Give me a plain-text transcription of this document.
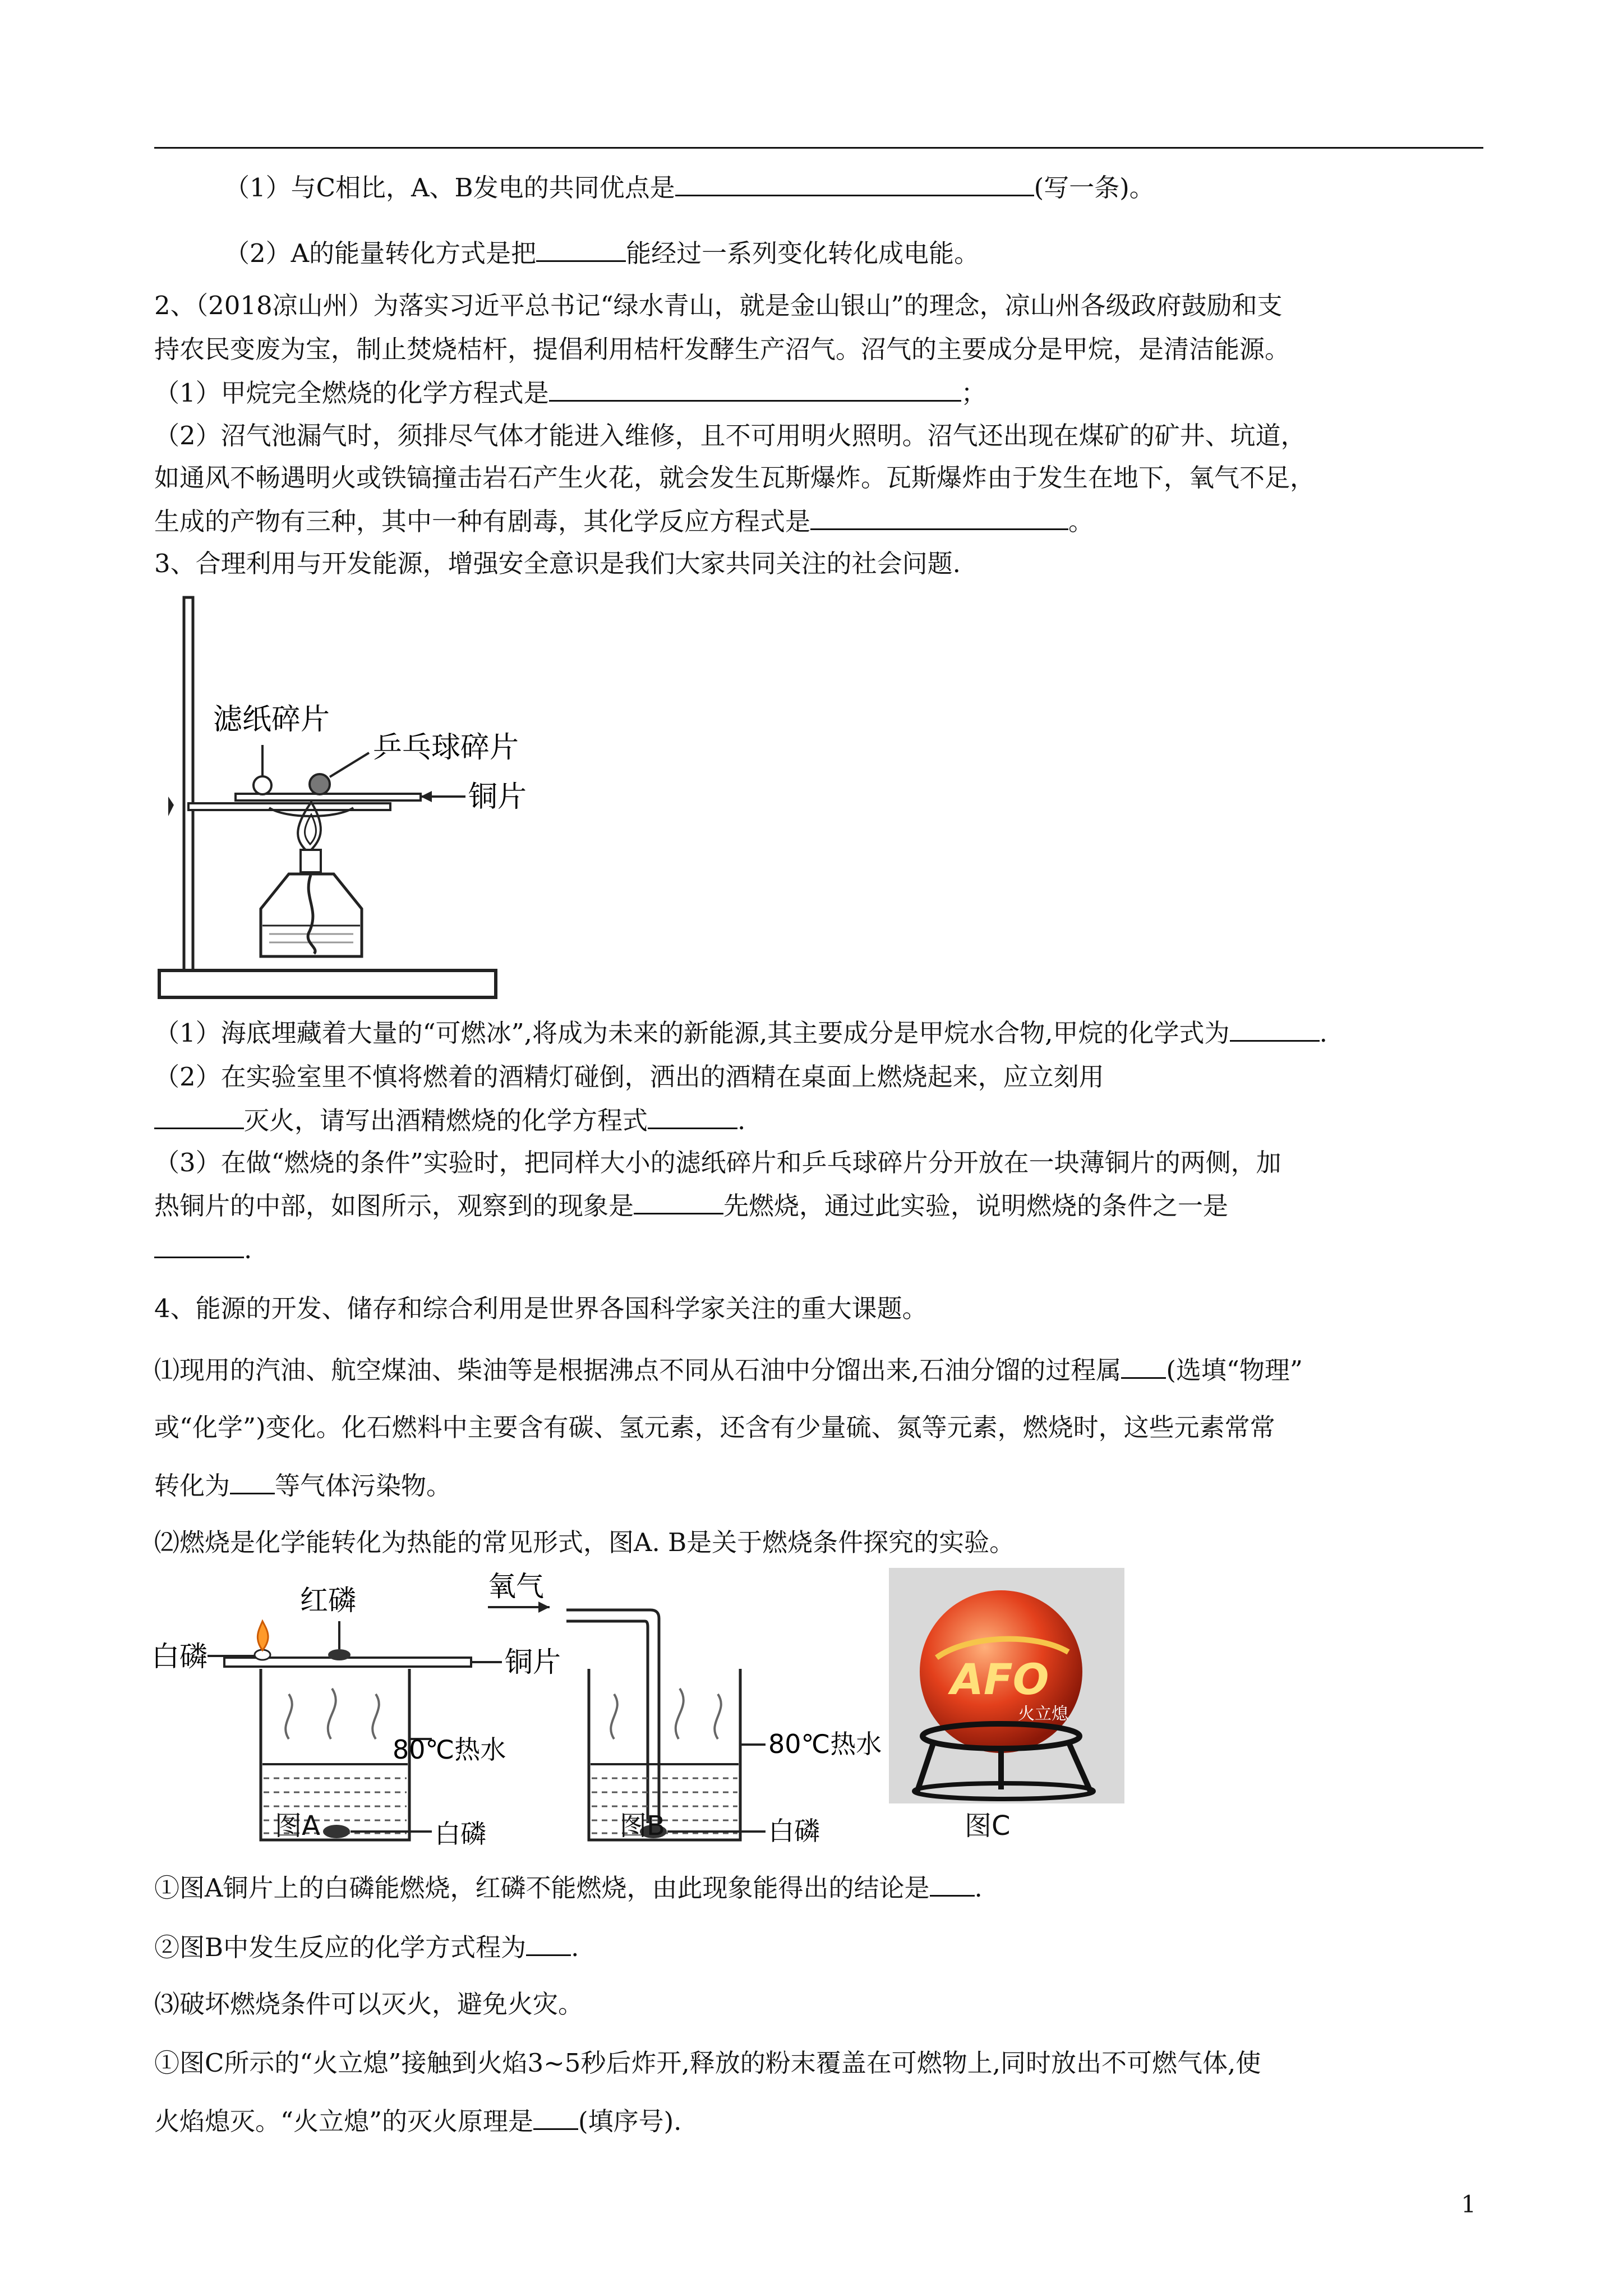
（1）与C相比，A、B发电的共同优点是	(写一条)。
（2）A的能量转化方式是把	能经过一系列变化转化成电能。
2、（2018凉山州）为落实习近平总书记“绿水青山，就是金山银山”的理念，凉山州各级政府鼓励和支
持农民变废为宝，制止焚烧桔杆，提倡利用桔杆发酵生产沼气。沼气的主要成分是甲烷，是清洁能源。
（1）甲烷完全燃烧的化学方程式是	；
（2）沼气池漏气时，须排尽气体才能进入维修，且不可用明火照明。沼气还出现在煤矿的矿井、坑道，
如通风不畅遇明火或铁镐撞击岩石产生火花，就会发生瓦斯爆炸。瓦斯爆炸由于发生在地下，氧气不足，
生成的产物有三种，其中一种有剧毒，其化学反应方程式是	。
3、合理利用与开发能源，增强安全意识是我们大家共同关注的社会问题.
滤纸碎片
乒乓球碎片
铜片
（1）海底埋藏着大量的“可燃冰”,将成为未来的新能源,其主要成分是甲烷水合物,甲烷的化学式为	.
（2）在实验室里不慎将燃着的酒精灯碰倒，洒出的酒精在桌面上燃烧起来，应立刻用
灭火，请写出酒精燃烧的化学方程式	.
（3）在做“燃烧的条件”实验时，把同样大小的滤纸碎片和乒乓球碎片分开放在一块薄铜片的两侧，加
热铜片的中部，如图所示，观察到的现象是	先燃烧，通过此实验，说明燃烧的条件之一是
.
4、能源的开发、储存和综合利用是世界各国科学家关注的重大课题。
⑴现用的汽油、航空煤油、柴油等是根据沸点不同从石油中分馏出来,石油分馏的过程属 (选填“物理”
或“化学”)变化。化石燃料中主要含有碳、氢元素，还含有少量硫、氮等元素，燃烧时，这些元素常常
转化为 等气体污染物。
⑵燃烧是化学能转化为热能的常见形式，图A. B是关于燃烧条件探究的实验。
红磷
白磷	铜片
80℃热水
白磷
图A
氧气
80℃热水
白磷
图B
AFO
火立熄
图C
①图A铜片上的白磷能燃烧，红磷不能燃烧，由此现象能得出的结论是 .
②图B中发生反应的化学方式程为 .
⑶破坏燃烧条件可以灭火，避免火灾。
①图C所示的“火立熄”接触到火焰3~5秒后炸开,释放的粉末覆盖在可燃物上,同时放出不可燃气体,使
火焰熄灭。“火立熄”的灭火原理是 (填序号).
1
